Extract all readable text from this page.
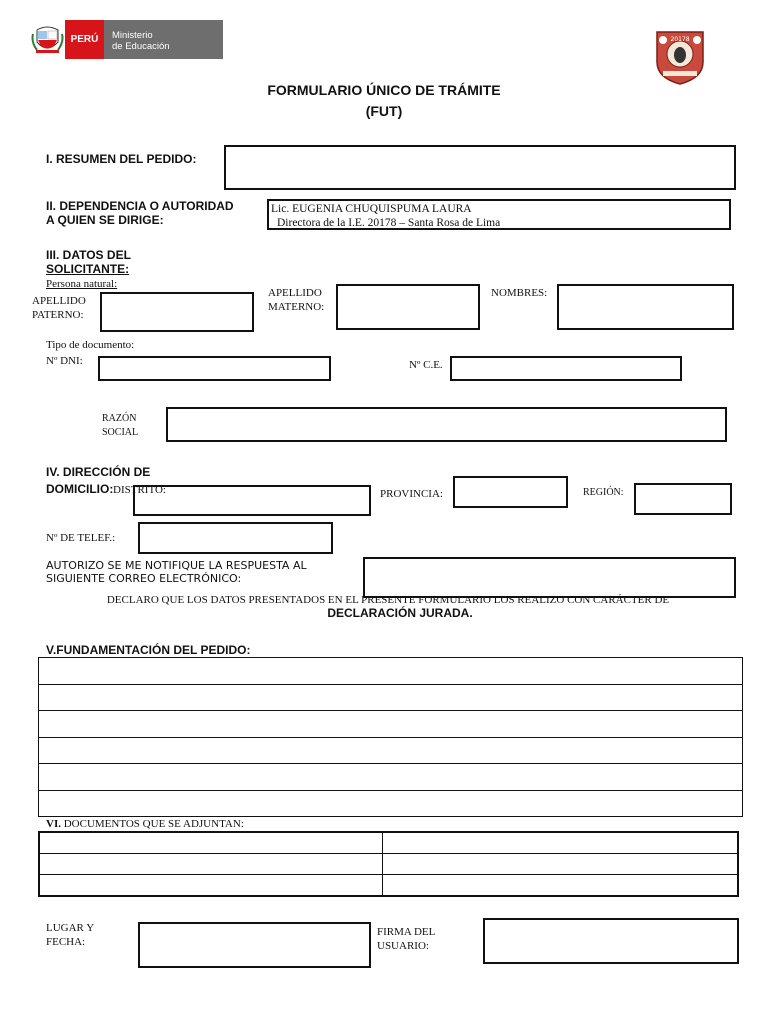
PERÚ	Ministerio
de Educación
20178
FORMULARIO ÚNICO DE TRÁMITE
(FUT)
I. RESUMEN DEL PEDIDO:
II. DEPENDENCIA O AUTORIDAD
A QUIEN SE DIRIGE:
Lic. EUGENIA CHUQUISPUMA LAURA
Directora de la I.E. 20178 – Santa Rosa de Lima
III. DATOS DEL
SOLICITANTE:
Persona natural:
APELLIDO
PATERNO:
APELLIDO
MATERNO:
NOMBRES:
Tipo de documento:
Nº DNI:	Nº C.E.
RAZÓN
SOCIAL
IV. DIRECCIÓN DE
DOMICILIO: DISTRITO:	PROVINCIA:	REGIÓN:
Nº DE TELEF.:
AUTORIZO SE ME NOTIFIQUE LA RESPUESTA AL
SIGUIENTE CORREO ELECTRÓNICO:
DECLARO QUE LOS DATOS PRESENTADOS EN EL PRESENTE FORMULARIO LOS REALIZO CON CARÁCTER DE
DECLARACIÓN JURADA.
V.FUNDAMENTACIÓN DEL PEDIDO:
VI. DOCUMENTOS QUE SE ADJUNTAN:
LUGAR Y
FECHA:
FIRMA DEL
USUARIO:
